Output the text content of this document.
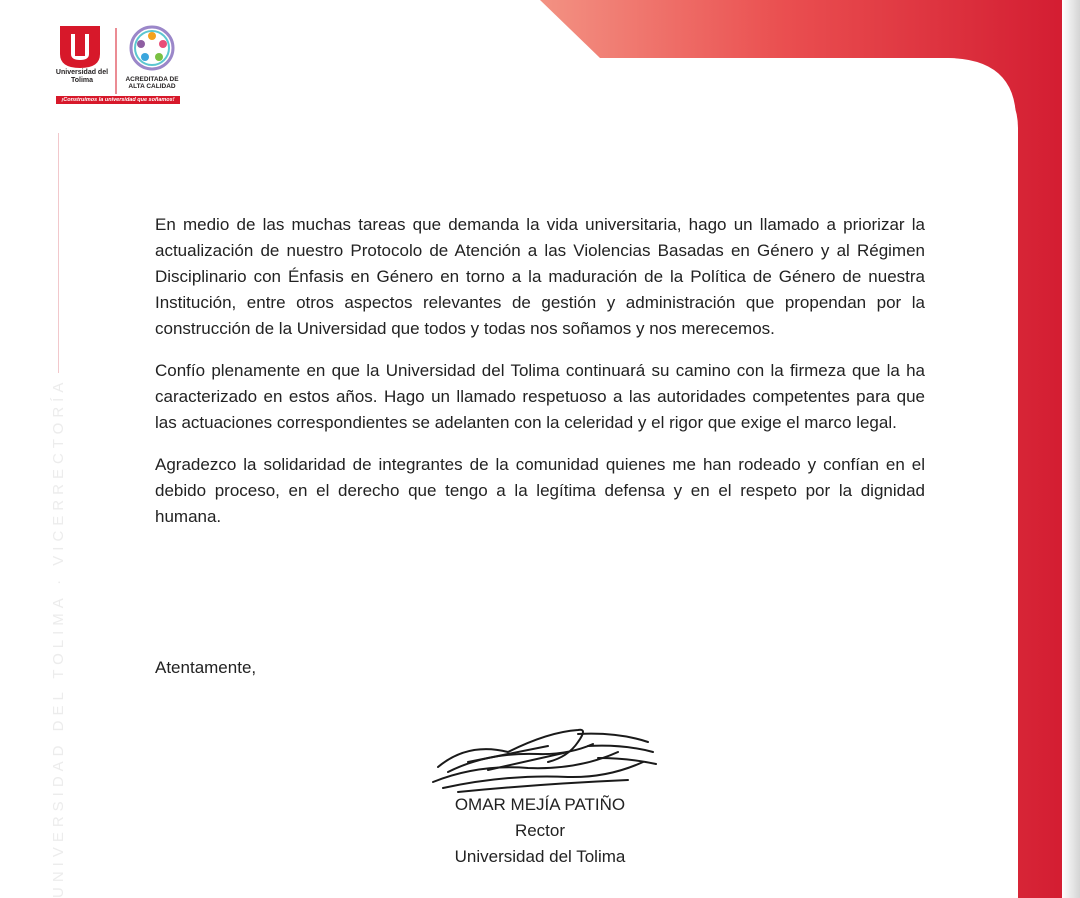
Universidad del Tolima	ACREDITADA DE ALTA CALIDAD

¡Construimos la universidad que soñamos!

UNIVERSIDAD DEL TOLIMA · VICERRECTORÍA

En medio de las muchas tareas que demanda la vida universitaria, hago un llamado a priorizar la actualización de nuestro Protocolo de Atención a las Violencias Basadas en Género y al Régimen Disciplinario con Énfasis en Género en torno a la maduración de la Política de Género de nuestra Institución, entre otros aspectos relevantes de gestión y administración que propendan por la construcción de la Universidad que todos y todas nos soñamos y nos merecemos.

Confío plenamente en que la Universidad del Tolima continuará su camino con la firmeza que la ha caracterizado en estos años. Hago un llamado respetuoso a las autoridades competentes para que las actuaciones correspondientes se adelanten con la celeridad y el rigor que exige el marco legal.

Agradezco la solidaridad de integrantes de la comunidad quienes me han rodeado y confían en el debido proceso, en el derecho que tengo a la legítima defensa y en el respeto por la dignidad humana.

Atentamente,

OMAR MEJÍA PATIÑO
Rector
Universidad del Tolima
